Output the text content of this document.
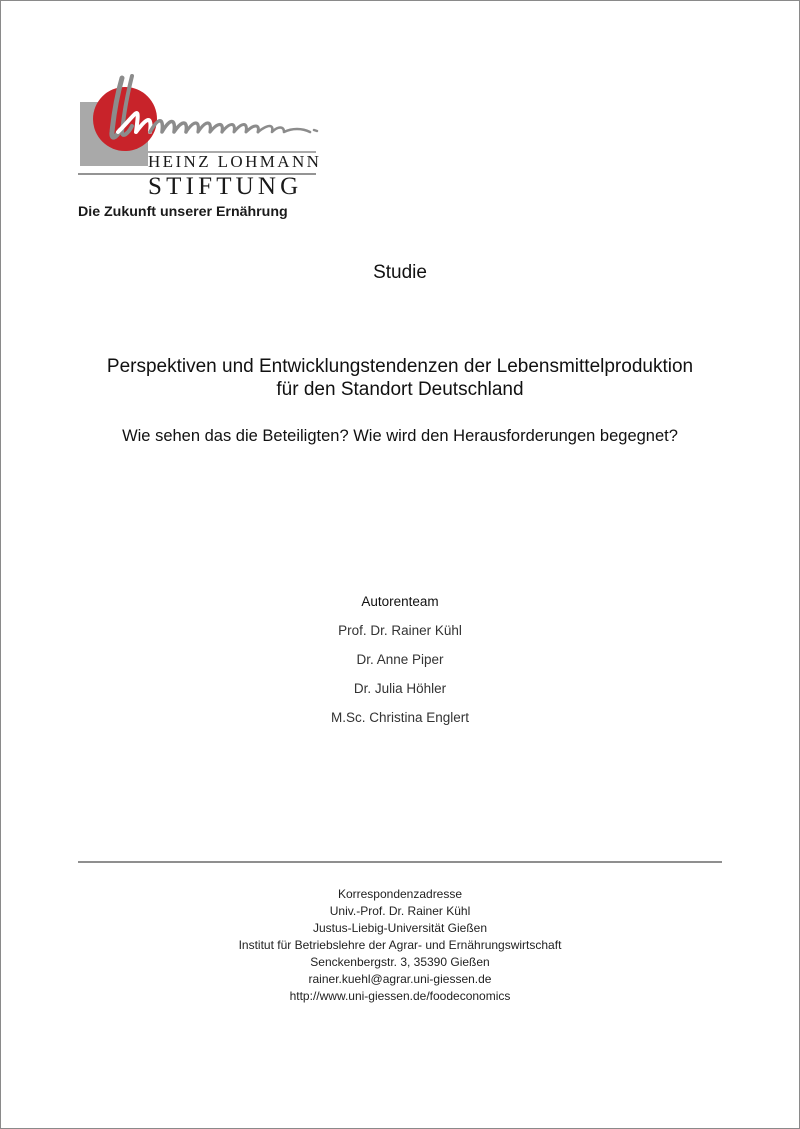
HEINZ LOHMANN
STIFTUNG
Die Zukunft unserer Ernährung
Studie
Perspektiven und Entwicklungstendenzen der Lebensmittelproduktion
für den Standort Deutschland
Wie sehen das die Beteiligten? Wie wird den Herausforderungen begegnet?
Autorenteam
Prof. Dr. Rainer Kühl
Dr. Anne Piper
Dr. Julia Höhler
M.Sc. Christina Englert
Korrespondenzadresse
Univ.-Prof. Dr. Rainer Kühl
Justus-Liebig-Universität Gießen
Institut für Betriebslehre der Agrar- und Ernährungswirtschaft
Senckenbergstr. 3, 35390 Gießen
rainer.kuehl@agrar.uni-giessen.de
http://www.uni-giessen.de/foodeconomics
